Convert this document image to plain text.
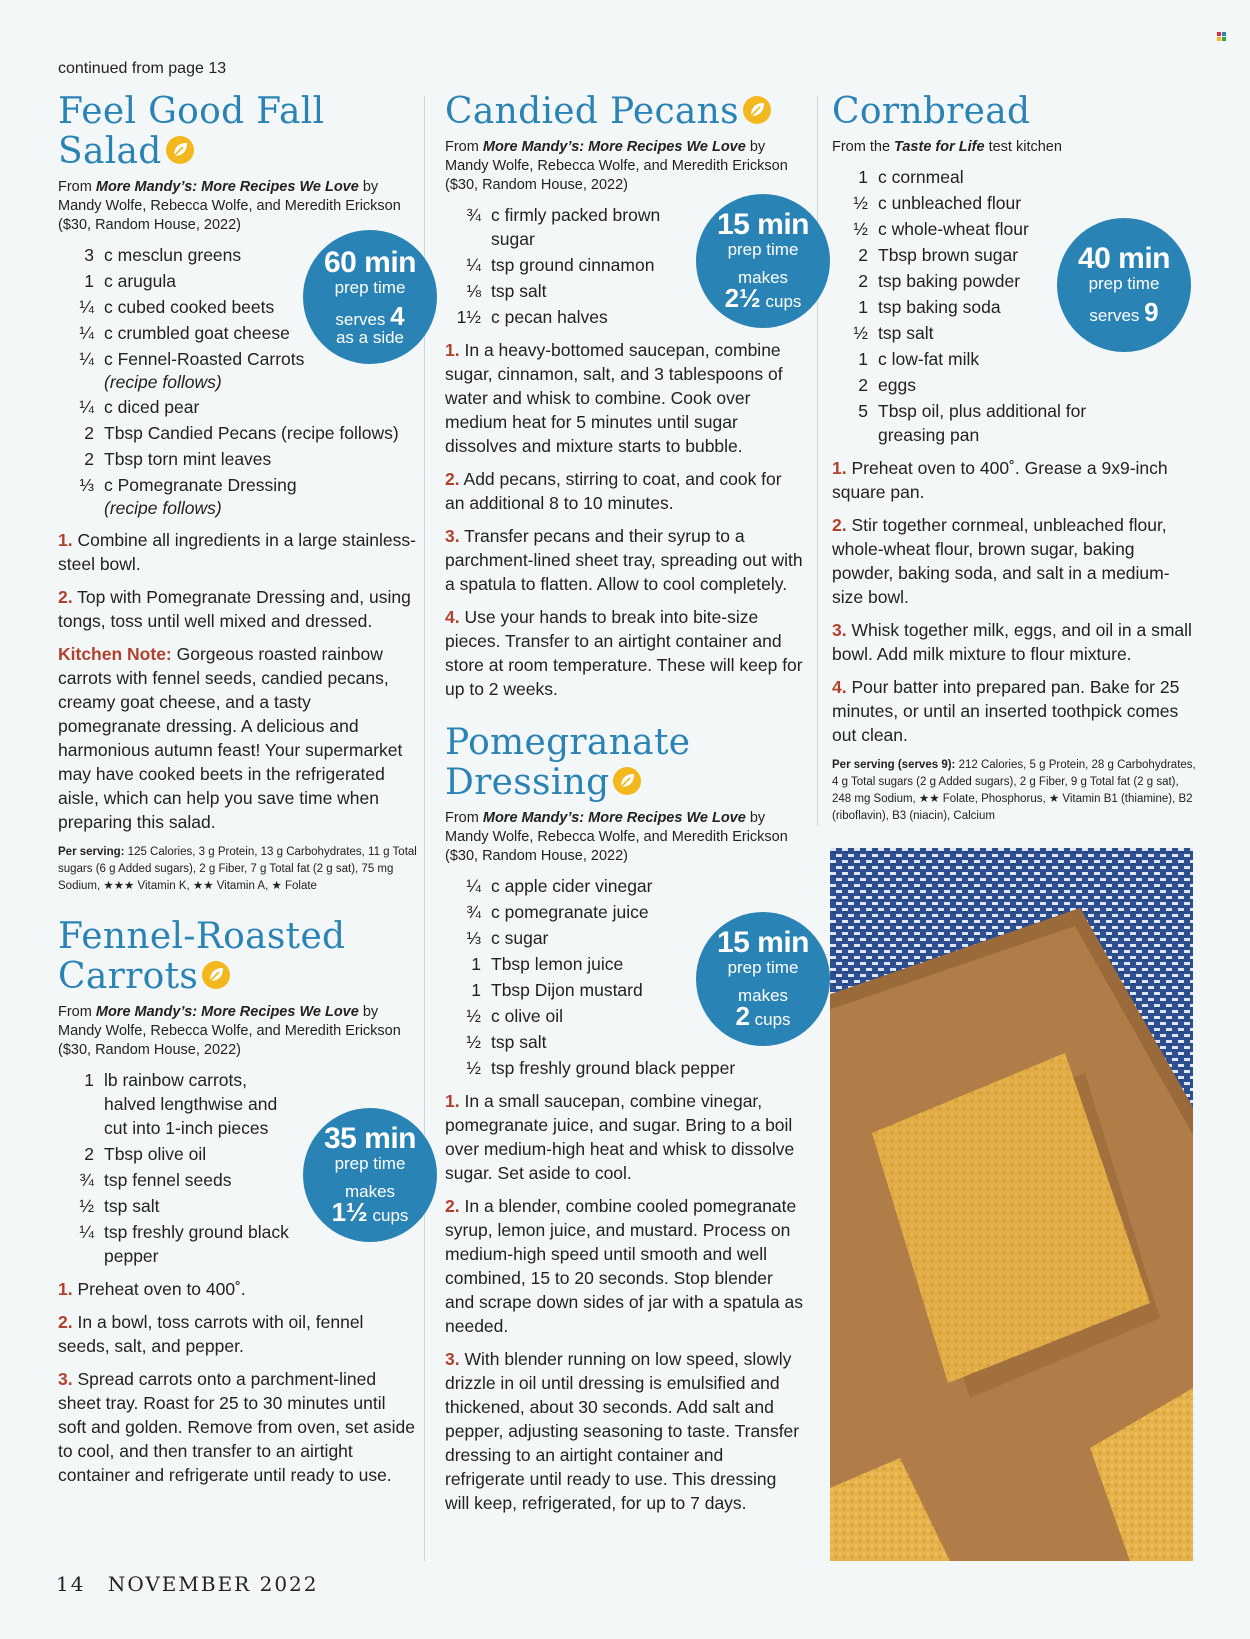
continued from page 13
Feel Good Fall Salad

From More Mandy’s: More Recipes We Love by Mandy Wolfe, Rebecca Wolfe, and Meredith Erickson ($30, Random House, 2022)

3 c mesclun greens
1 c arugula
¼ c cubed cooked beets
¼ c crumbled goat cheese
¼ c Fennel-Roasted Carrots
(recipe follows)
¼ c diced pear
2 Tbsp Candied Pecans (recipe follows)
2 Tbsp torn mint leaves
⅓ c Pomegranate Dressing
(recipe follows)

1. Combine all ingredients in a large stainless-steel bowl.

2. Top with Pomegranate Dressing and, using tongs, toss until well mixed and dressed.

Kitchen Note: Gorgeous roasted rainbow carrots with fennel seeds, candied pecans, creamy goat cheese, and a tasty pomegranate dressing. A delicious and harmonious autumn feast! Your supermarket may have cooked beets in the refrigerated aisle, which can help you save time when preparing this salad.

Per serving: 125 Calories, 3 g Protein, 13 g Carbohydrates, 11 g Total sugars (6 g Added sugars), 2 g Fiber, 7 g Total fat (2 g sat), 75 mg Sodium, ★★★ Vitamin K, ★★ Vitamin A, ★ Folate

Fennel-Roasted Carrots

From More Mandy’s: More Recipes We Love by Mandy Wolfe, Rebecca Wolfe, and Meredith Erickson ($30, Random House, 2022)

1 lb rainbow carrots, halved lengthwise and cut into 1-inch pieces
2 Tbsp olive oil
¾ tsp fennel seeds
½ tsp salt
¼ tsp freshly ground black pepper

1. Preheat oven to 400˚.

2. In a bowl, toss carrots with oil, fennel seeds, salt, and pepper.

3. Spread carrots onto a parchment-lined sheet tray. Roast for 25 to 30 minutes until soft and golden. Remove from oven, set aside to cool, and then transfer to an airtight container and refrigerate until ready to use.

Candied Pecans

From More Mandy’s: More Recipes We Love by Mandy Wolfe, Rebecca Wolfe, and Meredith Erickson ($30, Random House, 2022)

¾ c firmly packed brown sugar
¼ tsp ground cinnamon
⅛ tsp salt
1½ c pecan halves

1. In a heavy-bottomed saucepan, combine sugar, cinnamon, salt, and 3 tablespoons of water and whisk to combine. Cook over medium heat for 5 minutes until sugar dissolves and mixture starts to bubble.

2. Add pecans, stirring to coat, and cook for an additional 8 to 10 minutes.

3. Transfer pecans and their syrup to a parchment-lined sheet tray, spreading out with a spatula to flatten. Allow to cool completely.

4. Use your hands to break into bite-size pieces. Transfer to an airtight container and store at room temperature. These will keep for up to 2 weeks.

Pomegranate Dressing

From More Mandy’s: More Recipes We Love by Mandy Wolfe, Rebecca Wolfe, and Meredith Erickson ($30, Random House, 2022)

¼ c apple cider vinegar
¾ c pomegranate juice
⅓ c sugar
1 Tbsp lemon juice
1 Tbsp Dijon mustard
½ c olive oil
½ tsp salt
½ tsp freshly ground black pepper

1. In a small saucepan, combine vinegar, pomegranate juice, and sugar. Bring to a boil over medium-high heat and whisk to dissolve sugar. Set aside to cool.

2. In a blender, combine cooled pomegranate syrup, lemon juice, and mustard. Process on medium-high speed until smooth and well combined, 15 to 20 seconds. Stop blender and scrape down sides of jar with a spatula as needed.

3. With blender running on low speed, slowly drizzle in oil until dressing is emulsified and thickened, about 30 seconds. Add salt and pepper, adjusting seasoning to taste. Transfer dressing to an airtight container and refrigerate until ready to use. This dressing will keep, refrigerated, for up to 7 days.

Cornbread

From the Taste for Life test kitchen

1 c cornmeal
½ c unbleached flour
½ c whole-wheat flour
2 Tbsp brown sugar
2 tsp baking powder
1 tsp baking soda
½ tsp salt
1 c low-fat milk
2 eggs
5 Tbsp oil, plus additional for greasing pan

1. Preheat oven to 400˚. Grease a 9x9-inch square pan.

2. Stir together cornmeal, unbleached flour, whole-wheat flour, brown sugar, baking powder, baking soda, and salt in a medium-size bowl.

3. Whisk together milk, eggs, and oil in a small bowl. Add milk mixture to flour mixture.

4. Pour batter into prepared pan. Bake for 25 minutes, or until an inserted toothpick comes out clean.

Per serving (serves 9): 212 Calories, 5 g Protein, 28 g Carbohydrates, 4 g Total sugars (2 g Added sugars), 2 g Fiber, 9 g Total fat (2 g sat), 248 mg Sodium, ★★ Folate, Phosphorus, ★ Vitamin B1 (thiamine), B2 (riboflavin), B3 (niacin), Calcium

60 min
prep time
serves 4
as a side
35 min
prep time
makes
1½ cups
15 min
prep time
makes
2½ cups
15 min
prep time
makes
2 cups
40 min
prep time
serves 9
14 NOVEMBER 2022
